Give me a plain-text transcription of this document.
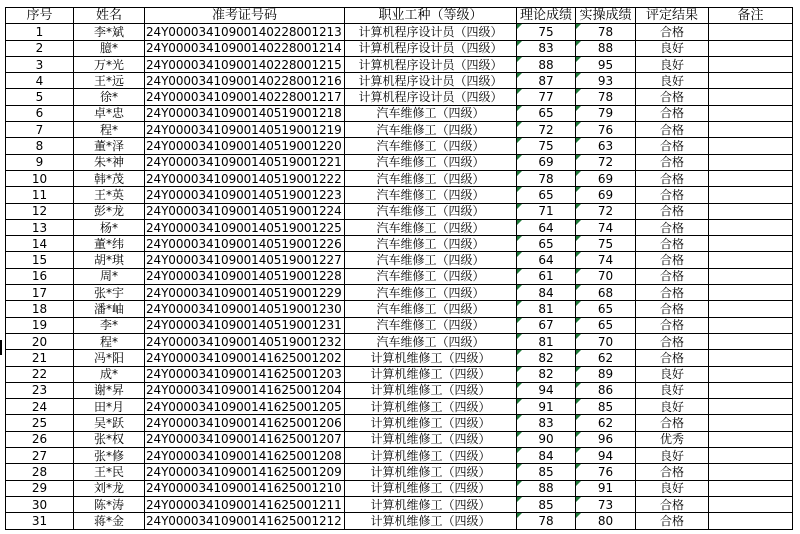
序号	姓名	准考证号码	职业工种（等级）	理论成绩	实操成绩	评定结果	备注
1	李*斌	24Y00003410900140228001213	计算机程序设计员（四级）	75	78	合格	
2	臆*	24Y00003410900140228001214	计算机程序设计员（四级）	83	88	良好	
3	万*光	24Y00003410900140228001215	计算机程序设计员（四级）	88	95	良好	
4	王*远	24Y00003410900140228001216	计算机程序设计员（四级）	87	93	良好	
5	徐*	24Y00003410900140228001217	计算机程序设计员（四级）	77	78	合格	
6	卓*忠	24Y00003410900140519001218	汽车维修工（四级）	65	79	合格	
7	程*	24Y00003410900140519001219	汽车维修工（四级）	72	76	合格	
8	董*泽	24Y00003410900140519001220	汽车维修工（四级）	75	63	合格	
9	朱*神	24Y00003410900140519001221	汽车维修工（四级）	69	72	合格	
10	韩*茂	24Y00003410900140519001222	汽车维修工（四级）	78	69	合格	
11	王*英	24Y00003410900140519001223	汽车维修工（四级）	65	69	合格	
12	彭*龙	24Y00003410900140519001224	汽车维修工（四级）	71	72	合格	
13	杨*	24Y00003410900140519001225	汽车维修工（四级）	64	74	合格	
14	董*纬	24Y00003410900140519001226	汽车维修工（四级）	65	75	合格	
15	胡*琪	24Y00003410900140519001227	汽车维修工（四级）	64	74	合格	
16	周*	24Y00003410900140519001228	汽车维修工（四级）	61	70	合格	
17	张*宇	24Y00003410900140519001229	汽车维修工（四级）	84	68	合格	
18	潘*岫	24Y00003410900140519001230	汽车维修工（四级）	81	65	合格	
19	李*	24Y00003410900140519001231	汽车维修工（四级）	67	65	合格	
20	程*	24Y00003410900140519001232	汽车维修工（四级）	81	70	合格	
21	冯*阳	24Y00003410900141625001202	计算机维修工（四级）	82	62	合格	
22	成*	24Y00003410900141625001203	计算机维修工（四级）	82	89	良好	
23	谢*昇	24Y00003410900141625001204	计算机维修工（四级）	94	86	良好	
24	田*月	24Y00003410900141625001205	计算机维修工（四级）	91	85	良好	
25	吴*跃	24Y00003410900141625001206	计算机维修工（四级）	83	62	合格	
26	张*权	24Y00003410900141625001207	计算机维修工（四级）	90	96	优秀	
27	张*修	24Y00003410900141625001208	计算机维修工（四级）	84	94	良好	
28	王*民	24Y00003410900141625001209	计算机维修工（四级）	85	76	合格	
29	刘*龙	24Y00003410900141625001210	计算机维修工（四级）	88	91	良好	
30	陈*涛	24Y00003410900141625001211	计算机维修工（四级）	85	73	合格	
31	蒋*金	24Y00003410900141625001212	计算机维修工（四级）	78	80	合格	
